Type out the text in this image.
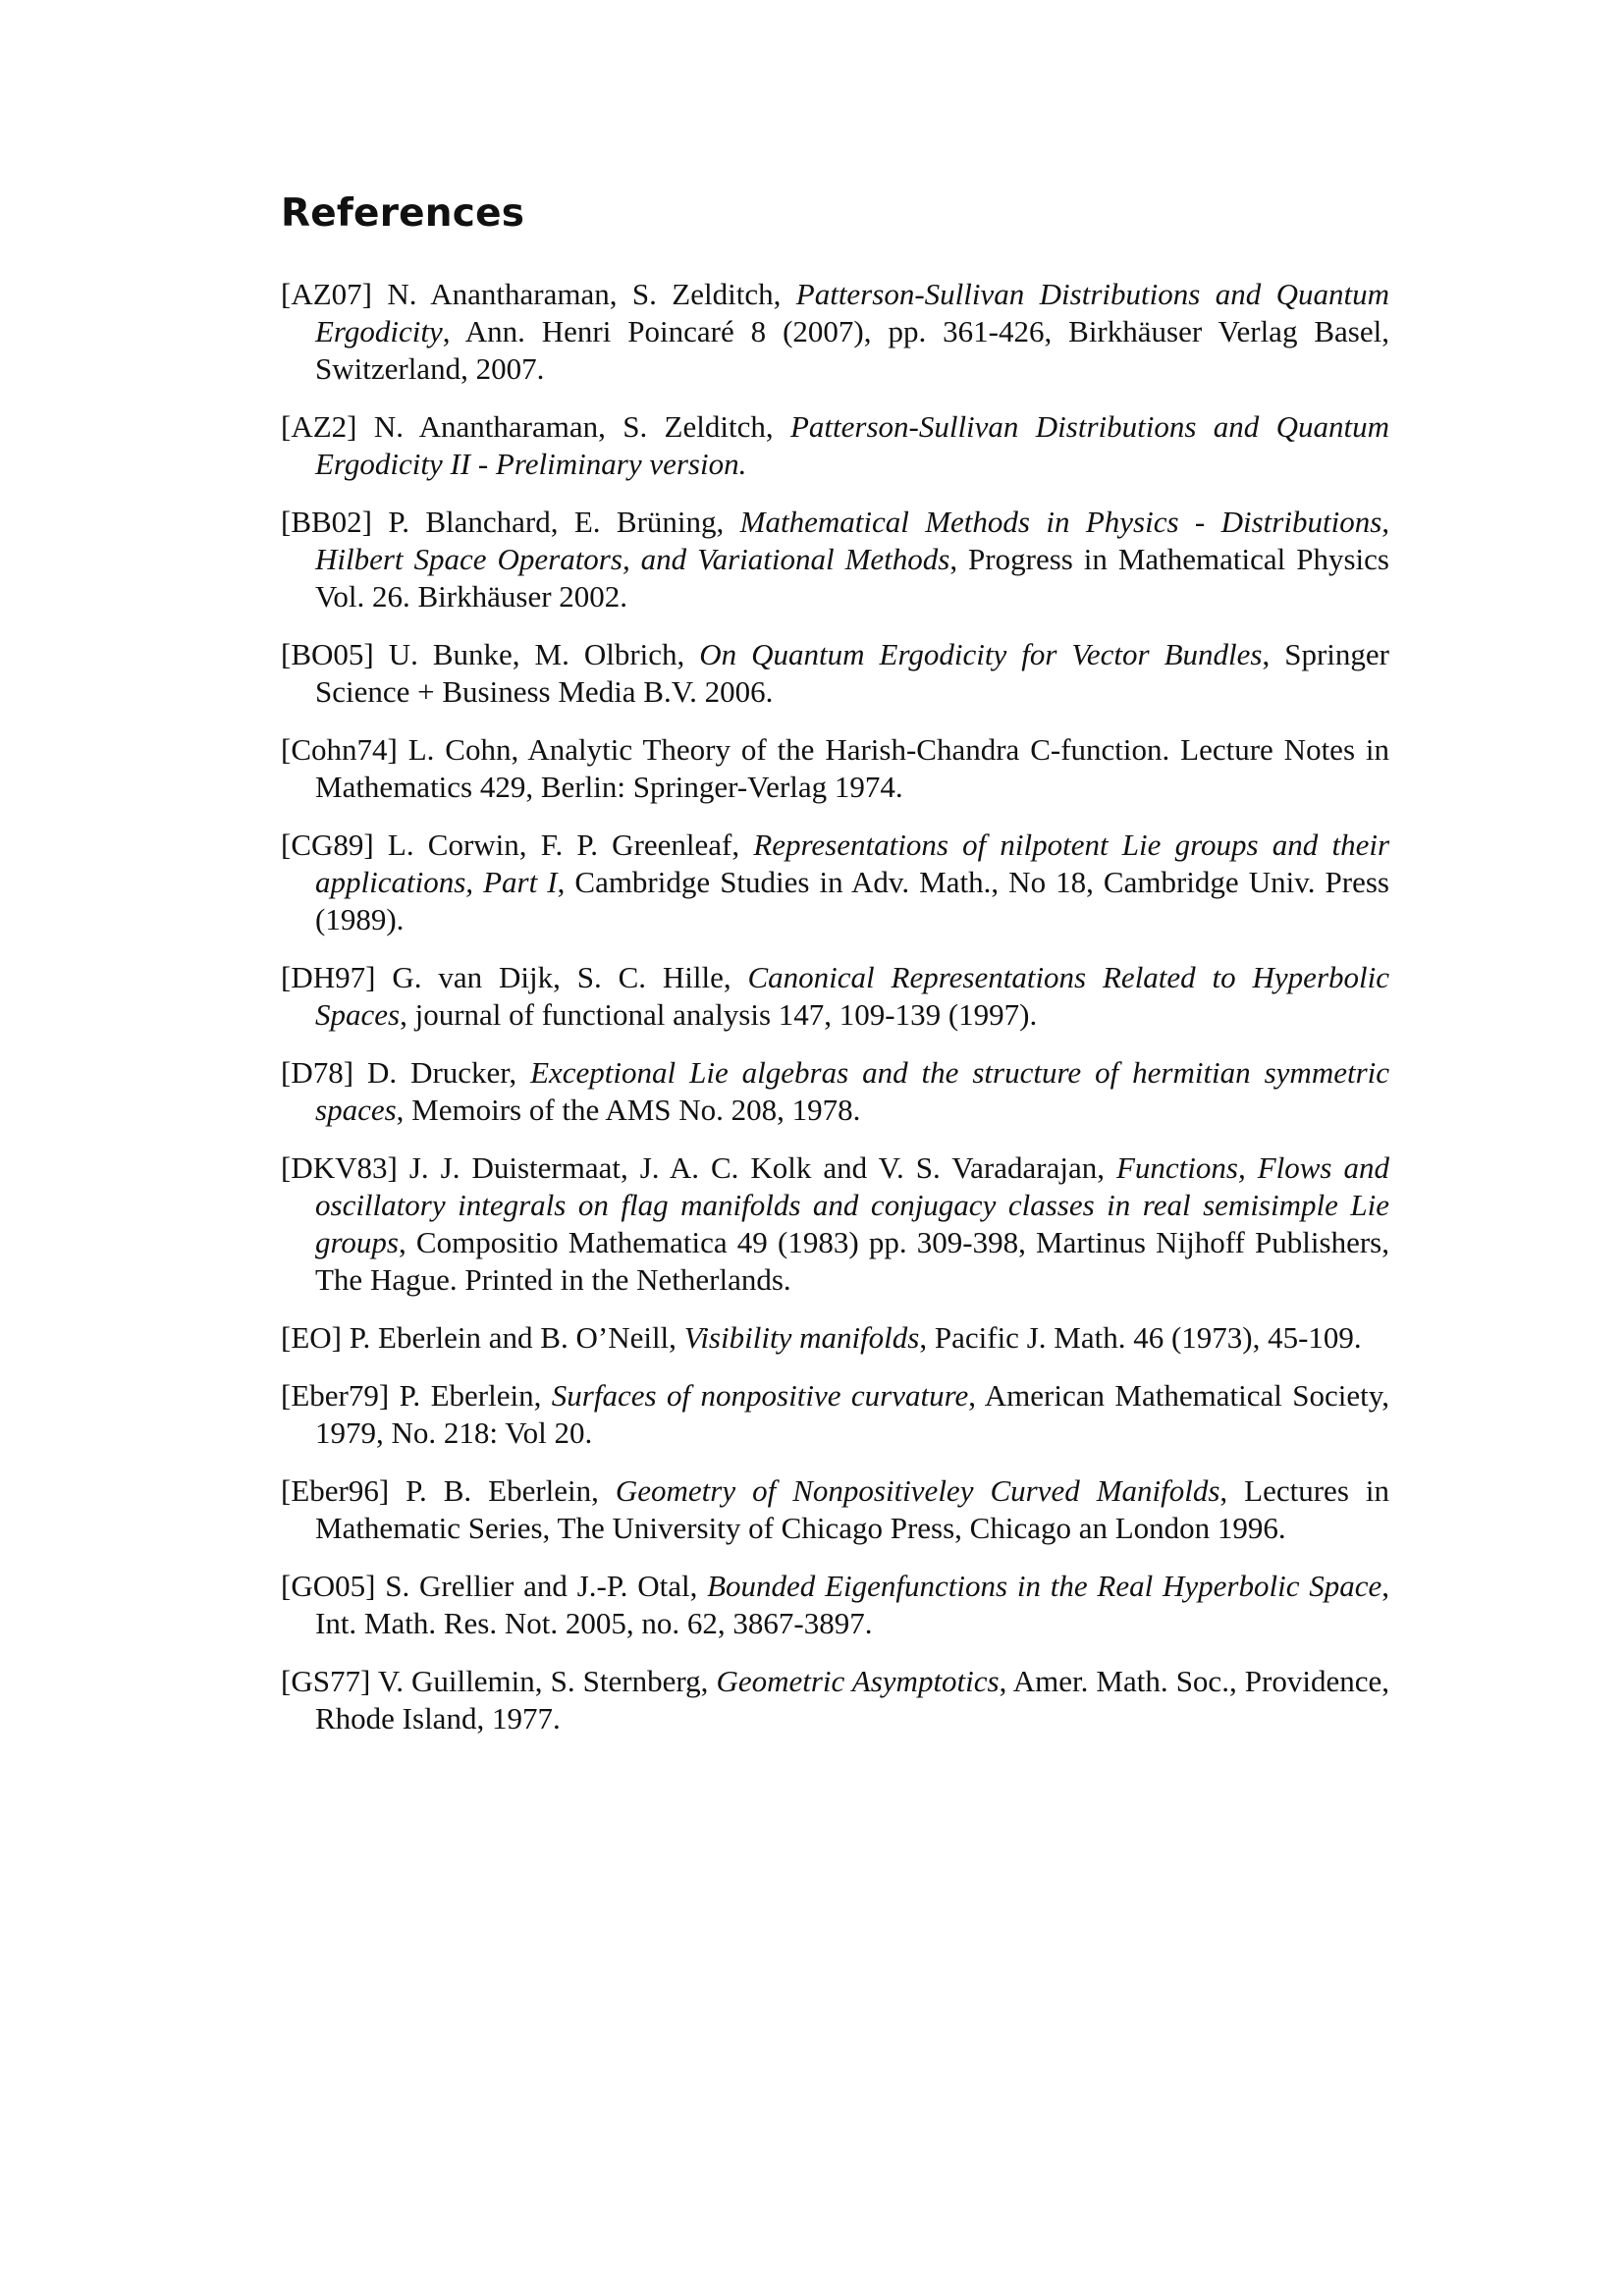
References
[AZ07] N. Anantharaman, S. Zelditch, Patterson-Sullivan Distributions and Quantum Ergodicity, Ann. Henri Poincaré 8 (2007), pp. 361-426, Birkhäuser Verlag Basel, Switzerland, 2007.
[AZ2] N. Anantharaman, S. Zelditch, Patterson-Sullivan Distributions and Quantum Ergodicity II - Preliminary version.
[BB02] P. Blanchard, E. Brüning, Mathematical Methods in Physics - Distributions, Hilbert Space Operators, and Variational Methods, Progress in Mathematical Physics Vol. 26. Birkhäuser 2002.
[BO05] U. Bunke, M. Olbrich, On Quantum Ergodicity for Vector Bundles, Springer Science + Business Media B.V. 2006.
[Cohn74] L. Cohn, Analytic Theory of the Harish-Chandra C-function. Lecture Notes in Mathematics 429, Berlin: Springer-Verlag 1974.
[CG89] L. Corwin, F. P. Greenleaf, Representations of nilpotent Lie groups and their applications, Part I, Cambridge Studies in Adv. Math., No 18, Cambridge Univ. Press (1989).
[DH97] G. van Dijk, S. C. Hille, Canonical Representations Related to Hyperbolic Spaces, journal of functional analysis 147, 109-139 (1997).
[D78] D. Drucker, Exceptional Lie algebras and the structure of hermitian symmetric spaces, Memoirs of the AMS No. 208, 1978.
[DKV83] J. J. Duistermaat, J. A. C. Kolk and V. S. Varadarajan, Functions, Flows and oscillatory integrals on flag manifolds and conjugacy classes in real semisimple Lie groups, Compositio Mathematica 49 (1983) pp. 309-398, Martinus Nijhoff Publishers, The Hague. Printed in the Netherlands.
[EO] P. Eberlein and B. O’Neill, Visibility manifolds, Pacific J. Math. 46 (1973), 45-109.
[Eber79] P. Eberlein, Surfaces of nonpositive curvature, American Mathematical Society, 1979, No. 218: Vol 20.
[Eber96] P. B. Eberlein, Geometry of Nonpositiveley Curved Manifolds, Lectures in Mathematic Series, The University of Chicago Press, Chicago an London 1996.
[GO05] S. Grellier and J.-P. Otal, Bounded Eigenfunctions in the Real Hyperbolic Space, Int. Math. Res. Not. 2005, no. 62, 3867-3897.
[GS77] V. Guillemin, S. Sternberg, Geometric Asymptotics, Amer. Math. Soc., Providence, Rhode Island, 1977.
